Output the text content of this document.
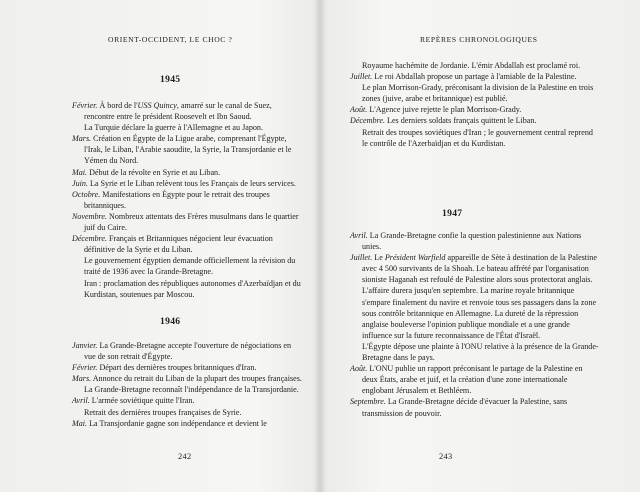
ORIENT-OCCIDENT, LE CHOC ?
1945

Février. À bord de l'USS Quincy, amarré sur le canal de Suez, rencontre entre le président Roosevelt et Ibn Saoud.

La Turquie déclare la guerre à l'Allemagne et au Japon.

Mars. Création en Égypte de la Ligue arabe, comprenant l'Égypte, l'Irak, le Liban, l'Arabie saoudite, la Syrie, la Transjordanie et le Yémen du Nord.

Mai. Début de la révolte en Syrie et au Liban.

Juin. La Syrie et le Liban relèvent tous les Français de leurs services.

Octobre. Manifestations en Égypte pour le retrait des troupes britanniques.

Novembre. Nombreux attentats des Frères musulmans dans le quartier juif du Caire.

Décembre. Français et Britanniques négocient leur évacuation définitive de la Syrie et du Liban.

Le gouvernement égyptien demande officiellement la révision du traité de 1936 avec la Grande-Bretagne.

Iran : proclamation des républiques autonomes d'Azerbaïdjan et du Kurdistan, soutenues par Moscou.

1946

Janvier. La Grande-Bretagne accepte l'ouverture de négociations en vue de son retrait d'Égypte.

Février. Départ des dernières troupes britanniques d'Iran.

Mars. Annonce du retrait du Liban de la plupart des troupes françaises. La Grande-Bretagne reconnaît l'indépendance de la Transjordanie.

Avril. L'armée soviétique quitte l'Iran.

Retrait des dernières troupes françaises de Syrie.

Mai. La Transjordanie gagne son indépendance et devient le

242
REPÈRES CHRONOLOGIQUES

Royaume hachémite de Jordanie. L'émir Abdallah est proclamé roi.

Juillet. Le roi Abdallah propose un partage à l'amiable de la Palestine.

Le plan Morrison-Grady, préconisant la division de la Palestine en trois zones (juive, arabe et britannique) est publié.

Août. L'Agence juive rejette le plan Morrison-Grady.

Décembre. Les derniers soldats français quittent le Liban.

Retrait des troupes soviétiques d'Iran ; le gouvernement central reprend le contrôle de l'Azerbaïdjan et du Kurdistan.

1947

Avril. La Grande-Bretagne confie la question palestinienne aux Nations unies.

Juillet. Le Président Warfield appareille de Sète à destination de la Palestine avec 4 500 survivants de la Shoah. Le bateau affrété par l'organisation sioniste Haganah est refoulé de Palestine alors sous protectorat anglais. L'affaire durera jusqu'en septembre. La marine royale britannique s'empare finalement du navire et renvoie tous ses passagers dans la zone sous contrôle britannique en Allemagne. La dureté de la répression anglaise bouleverse l'opinion publique mondiale et a une grande influence sur la future reconnaissance de l'État d'Israël.

L'Égypte dépose une plainte à l'ONU relative à la présence de la Grande-Bretagne dans le pays.

Août. L'ONU publie un rapport préconisant le partage de la Palestine en deux États, arabe et juif, et la création d'une zone internationale englobant Jérusalem et Bethléem.

Septembre. La Grande-Bretagne décide d'évacuer la Palestine, sans transmission de pouvoir.

243
